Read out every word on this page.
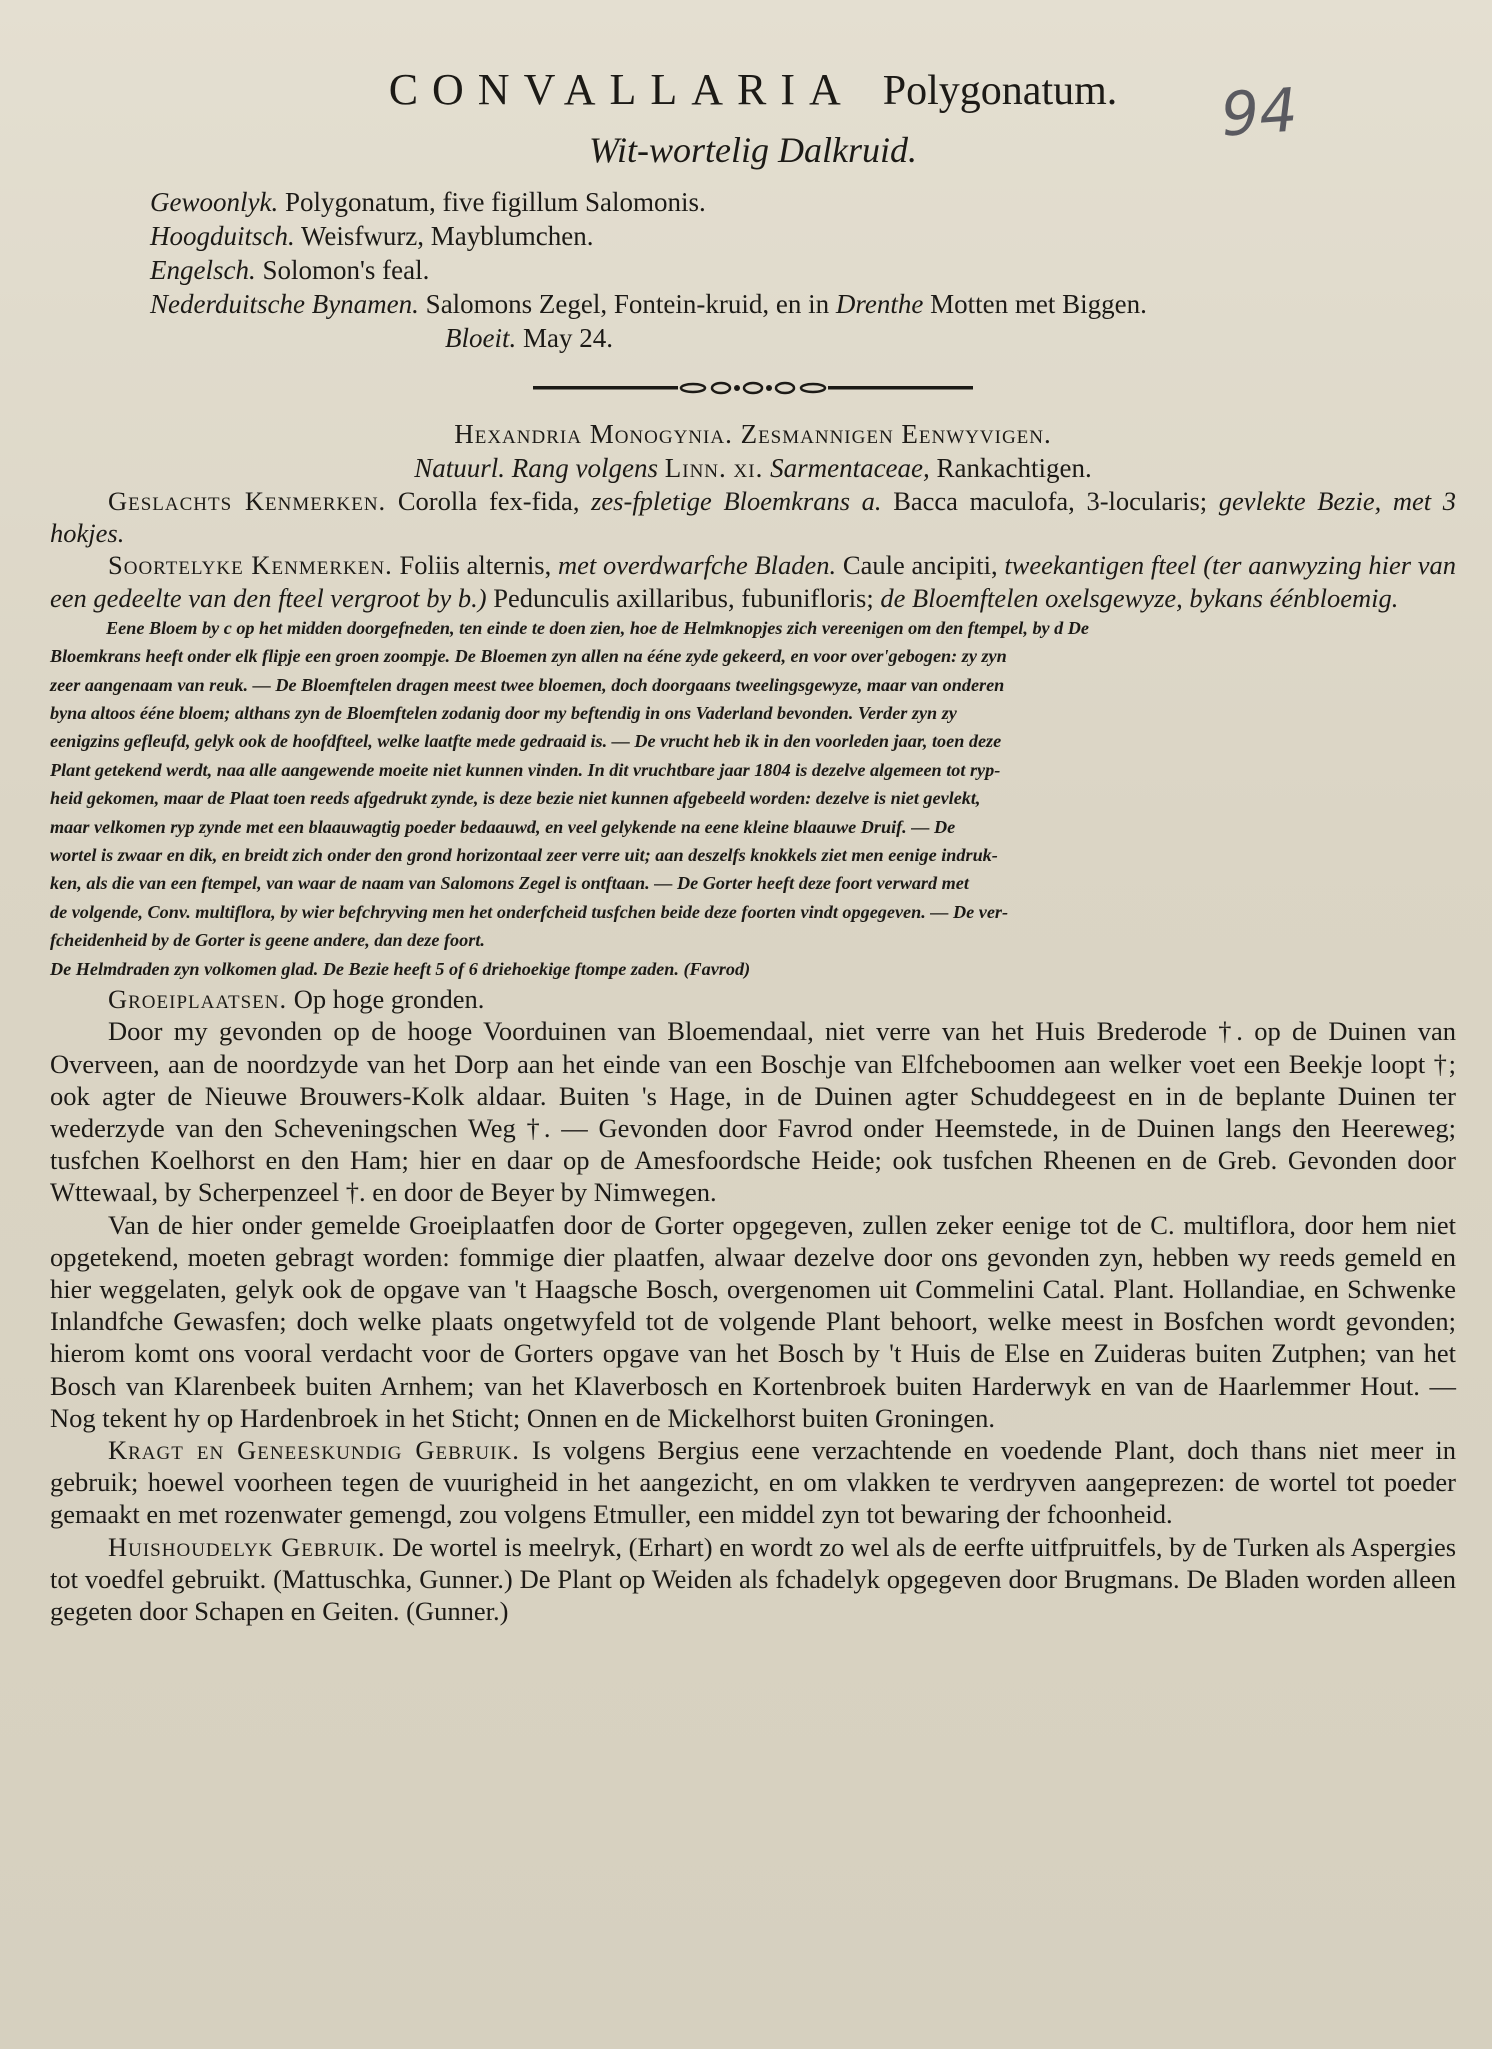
CONVALLARIA Polygonatum. 94
Wit-wortelig Dalkruid.
Gewoonlyk. Polygonatum, five figillum Salomonis.
Hoogduitsch. Weisfwurz, Mayblumchen.
Engelsch. Solomon's feal.
Nederduitsche Bynamen. Salomons Zegel, Fontein-kruid, en in Drenthe Motten met Biggen.
Bloeit. May 24.
Hexandria Monogynia. Zesmannigen Eenwyvigen.
Natuurl. Rang volgens Linn. xi. Sarmentaceae, Rankachtigen.

Geslachts Kenmerken. Corolla fex-fida, zes-fpletige Bloemkrans a. Bacca maculofa, 3-locularis; gevlekte Bezie, met 3 hokjes.

Soortelyke Kenmerken. Foliis alternis, met overdwarfche Bladen. Caule ancipiti, tweekantigen fteel (ter aanwyzing hier van een gedeelte van den fteel vergroot by b.) Pedunculis axillaribus, fubunifloris; de Bloemftelen oxelsgewyze, bykans éénbloemig.

Eene Bloem by c op het midden doorgefneden, ten einde te doen zien, hoe de Helmknopjes zich vereenigen om den ftempel, by d De
Bloemkrans heeft onder elk flipje een groen zoompje. De Bloemen zyn allen na ééne zyde gekeerd, en voor over'gebogen: zy zyn
zeer aangenaam van reuk. — De Bloemftelen dragen meest twee bloemen, doch doorgaans tweelingsgewyze, maar van onderen
byna altoos ééne bloem; althans zyn de Bloemftelen zodanig door my beftendig in ons Vaderland bevonden. Verder zyn zy
eenigzins gefleufd, gelyk ook de hoofdfteel, welke laatfte mede gedraaid is. — De vrucht heb ik in den voorleden jaar, toen deze
Plant getekend werdt, naa alle aangewende moeite niet kunnen vinden. In dit vruchtbare jaar 1804 is dezelve algemeen tot ryp-
heid gekomen, maar de Plaat toen reeds afgedrukt zynde, is deze bezie niet kunnen afgebeeld worden: dezelve is niet gevlekt,
maar velkomen ryp zynde met een blaauwagtig poeder bedaauwd, en veel gelykende na eene kleine blaauwe Druif. — De
wortel is zwaar en dik, en breidt zich onder den grond horizontaal zeer verre uit; aan deszelfs knokkels ziet men eenige indruk-
ken, als die van een ftempel, van waar de naam van Salomons Zegel is ontftaan. — De Gorter heeft deze foort verward met
de volgende, Conv. multiflora, by wier befchryving men het onderfcheid tusfchen beide deze foorten vindt opgegeven. — De ver-
fcheidenheid by de Gorter is geene andere, dan deze foort.
De Helmdraden zyn volkomen glad. De Bezie heeft 5 of 6 driehoekige ftompe zaden. (Favrod)

Groeiplaatsen. Op hoge gronden.

Door my gevonden op de hooge Voorduinen van Bloemendaal, niet verre van het Huis Brederode †. op de Duinen van Overveen, aan de noordzyde van het Dorp aan het einde van een Boschje van Elfcheboomen aan welker voet een Beekje loopt †; ook agter de Nieuwe Brouwers-Kolk aldaar. Buiten 's Hage, in de Duinen agter Schuddegeest en in de beplante Duinen ter wederzyde van den Scheveningschen Weg †. — Gevonden door Favrod onder Heemstede, in de Duinen langs den Heereweg; tusfchen Koelhorst en den Ham; hier en daar op de Amesfoordsche Heide; ook tusfchen Rheenen en de Greb. Gevonden door Wttewaal, by Scherpenzeel †. en door de Beyer by Nimwegen.

Van de hier onder gemelde Groeiplaatfen door de Gorter opgegeven, zullen zeker eenige tot de C. multiflora, door hem niet opgetekend, moeten gebragt worden: fommige dier plaatfen, alwaar dezelve door ons gevonden zyn, hebben wy reeds gemeld en hier weggelaten, gelyk ook de opgave van 't Haagsche Bosch, overgenomen uit Commelini Catal. Plant. Hollandiae, en Schwenke Inlandfche Gewasfen; doch welke plaats ongetwyfeld tot de volgende Plant behoort, welke meest in Bosfchen wordt gevonden; hierom komt ons vooral verdacht voor de Gorters opgave van het Bosch by 't Huis de Else en Zuideras buiten Zutphen; van het Bosch van Klarenbeek buiten Arnhem; van het Klaverbosch en Kortenbroek buiten Harderwyk en van de Haarlemmer Hout. — Nog tekent hy op Hardenbroek in het Sticht; Onnen en de Mickelhorst buiten Groningen.

Kragt en Geneeskundig Gebruik. Is volgens Bergius eene verzachtende en voedende Plant, doch thans niet meer in gebruik; hoewel voorheen tegen de vuurigheid in het aangezicht, en om vlakken te verdryven aangeprezen: de wortel tot poeder gemaakt en met rozenwater gemengd, zou volgens Etmuller, een middel zyn tot bewaring der fchoonheid.

Huishoudelyk Gebruik. De wortel is meelryk, (Erhart) en wordt zo wel als de eerfte uitfpruitfels, by de Turken als Aspergies tot voedfel gebruikt. (Mattuschka, Gunner.) De Plant op Weiden als fchadelyk opgegeven door Brugmans. De Bladen worden alleen gegeten door Schapen en Geiten. (Gunner.)
